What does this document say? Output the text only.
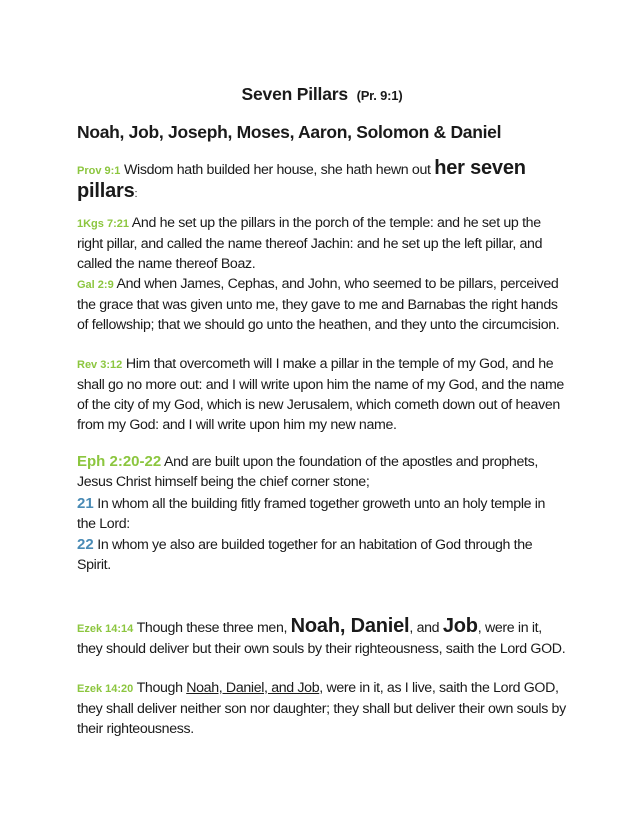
Seven Pillars (Pr. 9:1)
Noah, Job, Joseph, Moses, Aaron, Solomon & Daniel
Prov 9:1 Wisdom hath builded her house, she hath hewn out her seven
pillars:
1Kgs 7:21 And he set up the pillars in the porch of the temple: and he set up the right pillar, and called the name thereof Jachin: and he set up the left pillar, and called the name thereof Boaz.
Gal 2:9 And when James, Cephas, and John, who seemed to be pillars, perceived the grace that was given unto me, they gave to me and Barnabas the right hands of fellowship; that we should go unto the heathen, and they unto the circumcision.
Rev 3:12 Him that overcometh will I make a pillar in the temple of my God, and he shall go no more out: and I will write upon him the name of my God, and the name of the city of my God, which is new Jerusalem, which cometh down out of heaven from my God: and I will write upon him my new name.
Eph 2:20-22 And are built upon the foundation of the apostles and prophets, Jesus Christ himself being the chief corner stone;
21 In whom all the building fitly framed together groweth unto an holy temple in the Lord:
22 In whom ye also are builded together for an habitation of God through the Spirit.
Ezek 14:14 Though these three men, Noah, Daniel, and Job, were in it, they should deliver but their own souls by their righteousness, saith the Lord GOD.
Ezek 14:20 Though Noah, Daniel, and Job, were in it, as I live, saith the Lord GOD, they shall deliver neither son nor daughter; they shall but deliver their own souls by their righteousness.
